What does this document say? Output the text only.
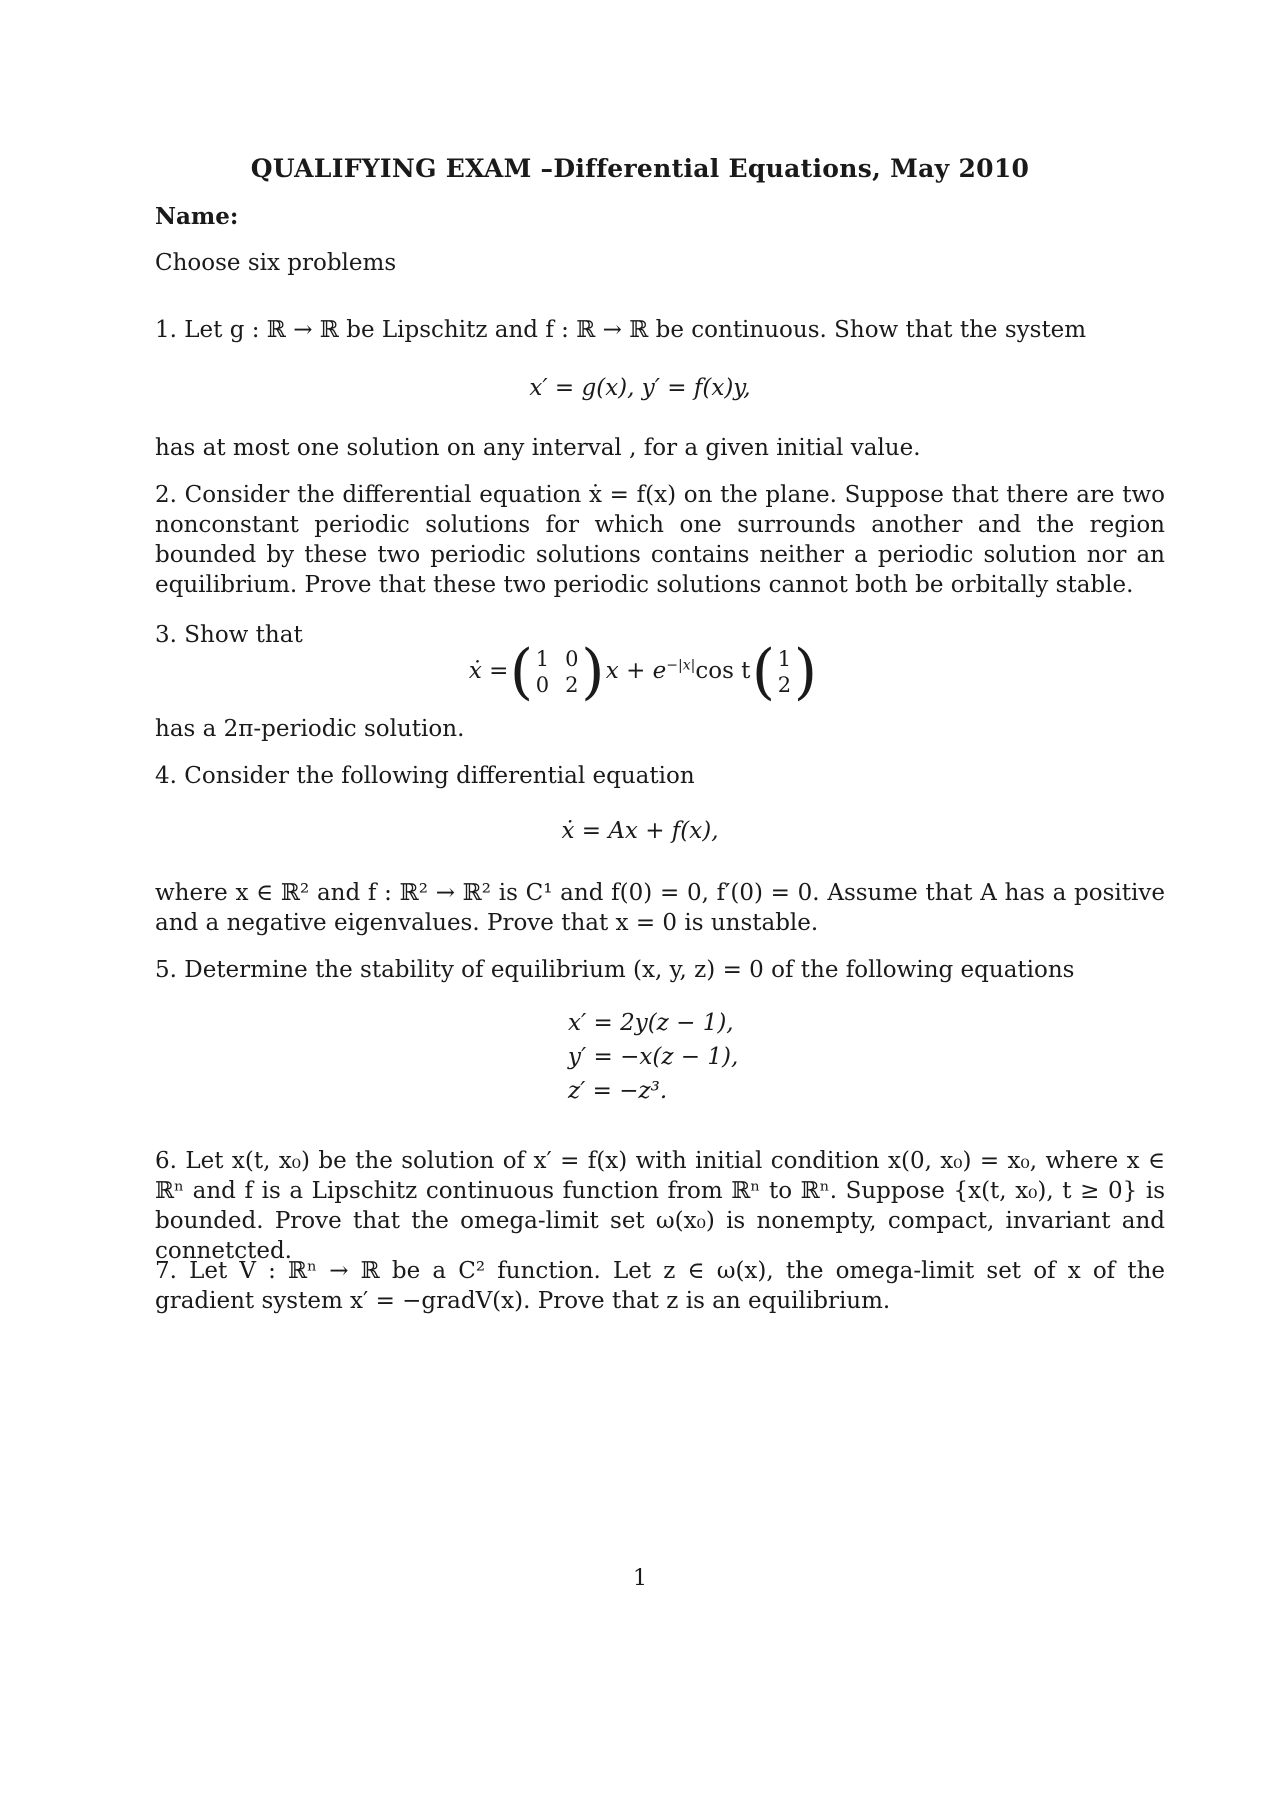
QUALIFYING EXAM –Differential Equations, May 2010
Name:
Choose six problems
1. Let g : ℝ → ℝ be Lipschitz and f : ℝ → ℝ be continuous. Show that the system
x′ = g(x), y′ = f(x)y,
has at most one solution on any interval , for a given initial value.
2. Consider the differential equation ẋ = f(x) on the plane. Suppose that there are two nonconstant periodic solutions for which one surrounds another and the region bounded by these two periodic solutions contains neither a periodic solution nor an equilibrium. Prove that these two periodic solutions cannot both be orbitally stable.
3. Show that
ẋ = ( 1	0
0	2 ) $x + e^{-|x|}\cos$ t ( 1
2 )
has a 2π-periodic solution.
4. Consider the following differential equation
ẋ = Ax + f(x),
where x ∈ ℝ² and f : ℝ² → ℝ² is C¹ and f(0) = 0, f′(0) = 0. Assume that A has a positive and a negative eigenvalues. Prove that x = 0 is unstable.
5. Determine the stability of equilibrium (x, y, z) = 0 of the following equations
x′ = 2y(z − 1),
y′ = −x(z − 1),
z′ = −z³.
6. Let x(t, x₀) be the solution of x′ = f(x) with initial condition x(0, x₀) = x₀, where x ∈ ℝⁿ and f is a Lipschitz continuous function from ℝⁿ to ℝⁿ. Suppose {x(t, x₀), t ≥ 0} is bounded. Prove that the omega-limit set ω(x₀) is nonempty, compact, invariant and connetcted.
7. Let V : ℝⁿ → ℝ be a C² function. Let z ∈ ω(x), the omega-limit set of x of the gradient system x′ = −gradV(x). Prove that z is an equilibrium.
1
